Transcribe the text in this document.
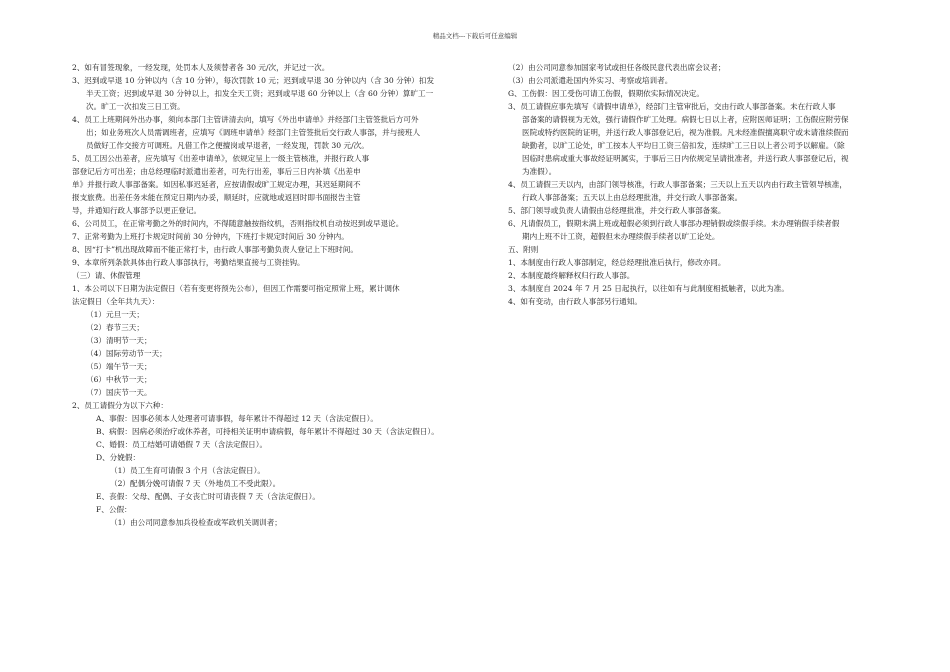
精品文档---下载后可任意编辑
2、如有冒签现象，一经发现，处罚本人及须替者各 30 元/次，并记过一次。
3、迟到或早退 10 分钟以内（含 10 分钟），每次罚款 10 元；迟到或早退 30 分钟以内（含 30 分钟）扣发
半天工资；迟到或早退 30 分钟以上，扣发全天工资；迟到或早退 60 分钟以上（含 60 分钟）算旷工一
次。旷工一次扣发三日工资。
4、员工上班期间外出办事，须向本部门主管讲清去向，填写《外出申请单》并经部门主管签批后方可外
出；如业务班次人员需调班者，应填写《调班申请单》经部门主管签批后交行政人事部，并与接班人
员做好工作交接方可调班。凡借工作之便擅岗或早退者，一经发现，罚款 30 元/次。
5、员工因公出差者，应先填写《出差申请单》，依规定呈上一级主管核准，并报行政人事
部登记后方可出差；由总经理临时派遣出差者，可先行出差，事后三日内补填《出差申
单》并报行政人事部备案。如因私事迟延者，应按请假或旷工规定办理，其迟延期间不
报支旅费。出差任务未能在预定日期内办妥，顺延时，应就地或返回时即书面报告主管
导，并通知行政人事部予以更正登记。
6、公司员工，在正常考勤之外的时间内，不得随意触按指纹机，否则指纹机自动按迟到或早退论。
7、正常考勤为上班打卡规定时间前 30 分钟内，下班打卡规定时间后 30 分钟内。
8、因“打卡”机出现故障而不能正常打卡，由行政人事部考勤负责人登记上下班时间。
9、本章所列条款具体由行政人事部执行，考勤结果直接与工资挂钩。
（三）请、休假管理
1、本公司以下日期为法定假日（若有变更将预先公布），但因工作需要可指定照常上班，累计调休
法定假日（全年共九天）：
（1）元旦一天；
（2）春节三天；
（3）清明节一天；
（4）国际劳动节一天；
（5）端午节一天；
（6）中秋节一天；
（7）国庆节一天。
2、员工请假分为以下六种：
A、事假：因事必须本人处理者可请事假，每年累计不得超过 12 天（含法定假日）。
B、病假：因病必须治疗或休养者，可持相关证明申请病假，每年累计不得超过 30 天（含法定假日）。
C、婚假：员工结婚可请婚假 7 天（含法定假日）。
D、分娩假：
（1）员工生育可请假 3 个月（含法定假日）。
（2）配偶分娩可请假 7 天（外地员工不受此限）。
E、丧假：父母、配偶、子女丧亡时可请丧假 7 天（含法定假日）。
F、公假：
（1）由公司同意参加兵役检查或军政机关调训者；
（2）由公司同意参加国家考试或担任各级民意代表出席会议者；
（3）由公司派遣赴国内外实习、考察或培训者。
G、工伤假：因工受伤可请工伤假，假期依实际情况决定。
3、员工请假应事先填写《请假申请单》，经部门主管审批后，交由行政人事部备案。未在行政人事
部备案的请假视为无效，强行请假作旷工处理。病假七日以上者，应附医师证明；工伤假应附劳保
医院或特约医院的证明，并送行政人事部登记后，视为准假。凡未经准假擅离职守或未请准续假而
缺勤者，以旷工论处，旷工按本人平均日工资三倍扣发，连续旷工三日以上者公司予以解雇。（除
因临时患病或重大事故经证明属实，于事后三日内依规定呈请批准者，并送行政人事部登记后，视
为准假）。
4、员工请假三天以内，由部门领导核准，行政人事部备案；三天以上五天以内由行政主管领导核准，
行政人事部备案；五天以上由总经理批准，并交行政人事部备案。
5、部门领导或负责人请假由总经理批准，并交行政人事部备案。
6、凡请假员工，假期未满上班或超假必须到行政人事部办理销假或续假手续。未办理销假手续者假
期内上班不计工资，超假但未办理续假手续者以旷工论处。
五、附则
1、本制度由行政人事部制定，经总经理批准后执行，修改亦同。
2、本制度最终解释权归行政人事部。
3、本制度自 2024 年 7 月 25 日起执行，以往如有与此制度相抵触者，以此为准。
4、如有变动，由行政人事部另行通知。
